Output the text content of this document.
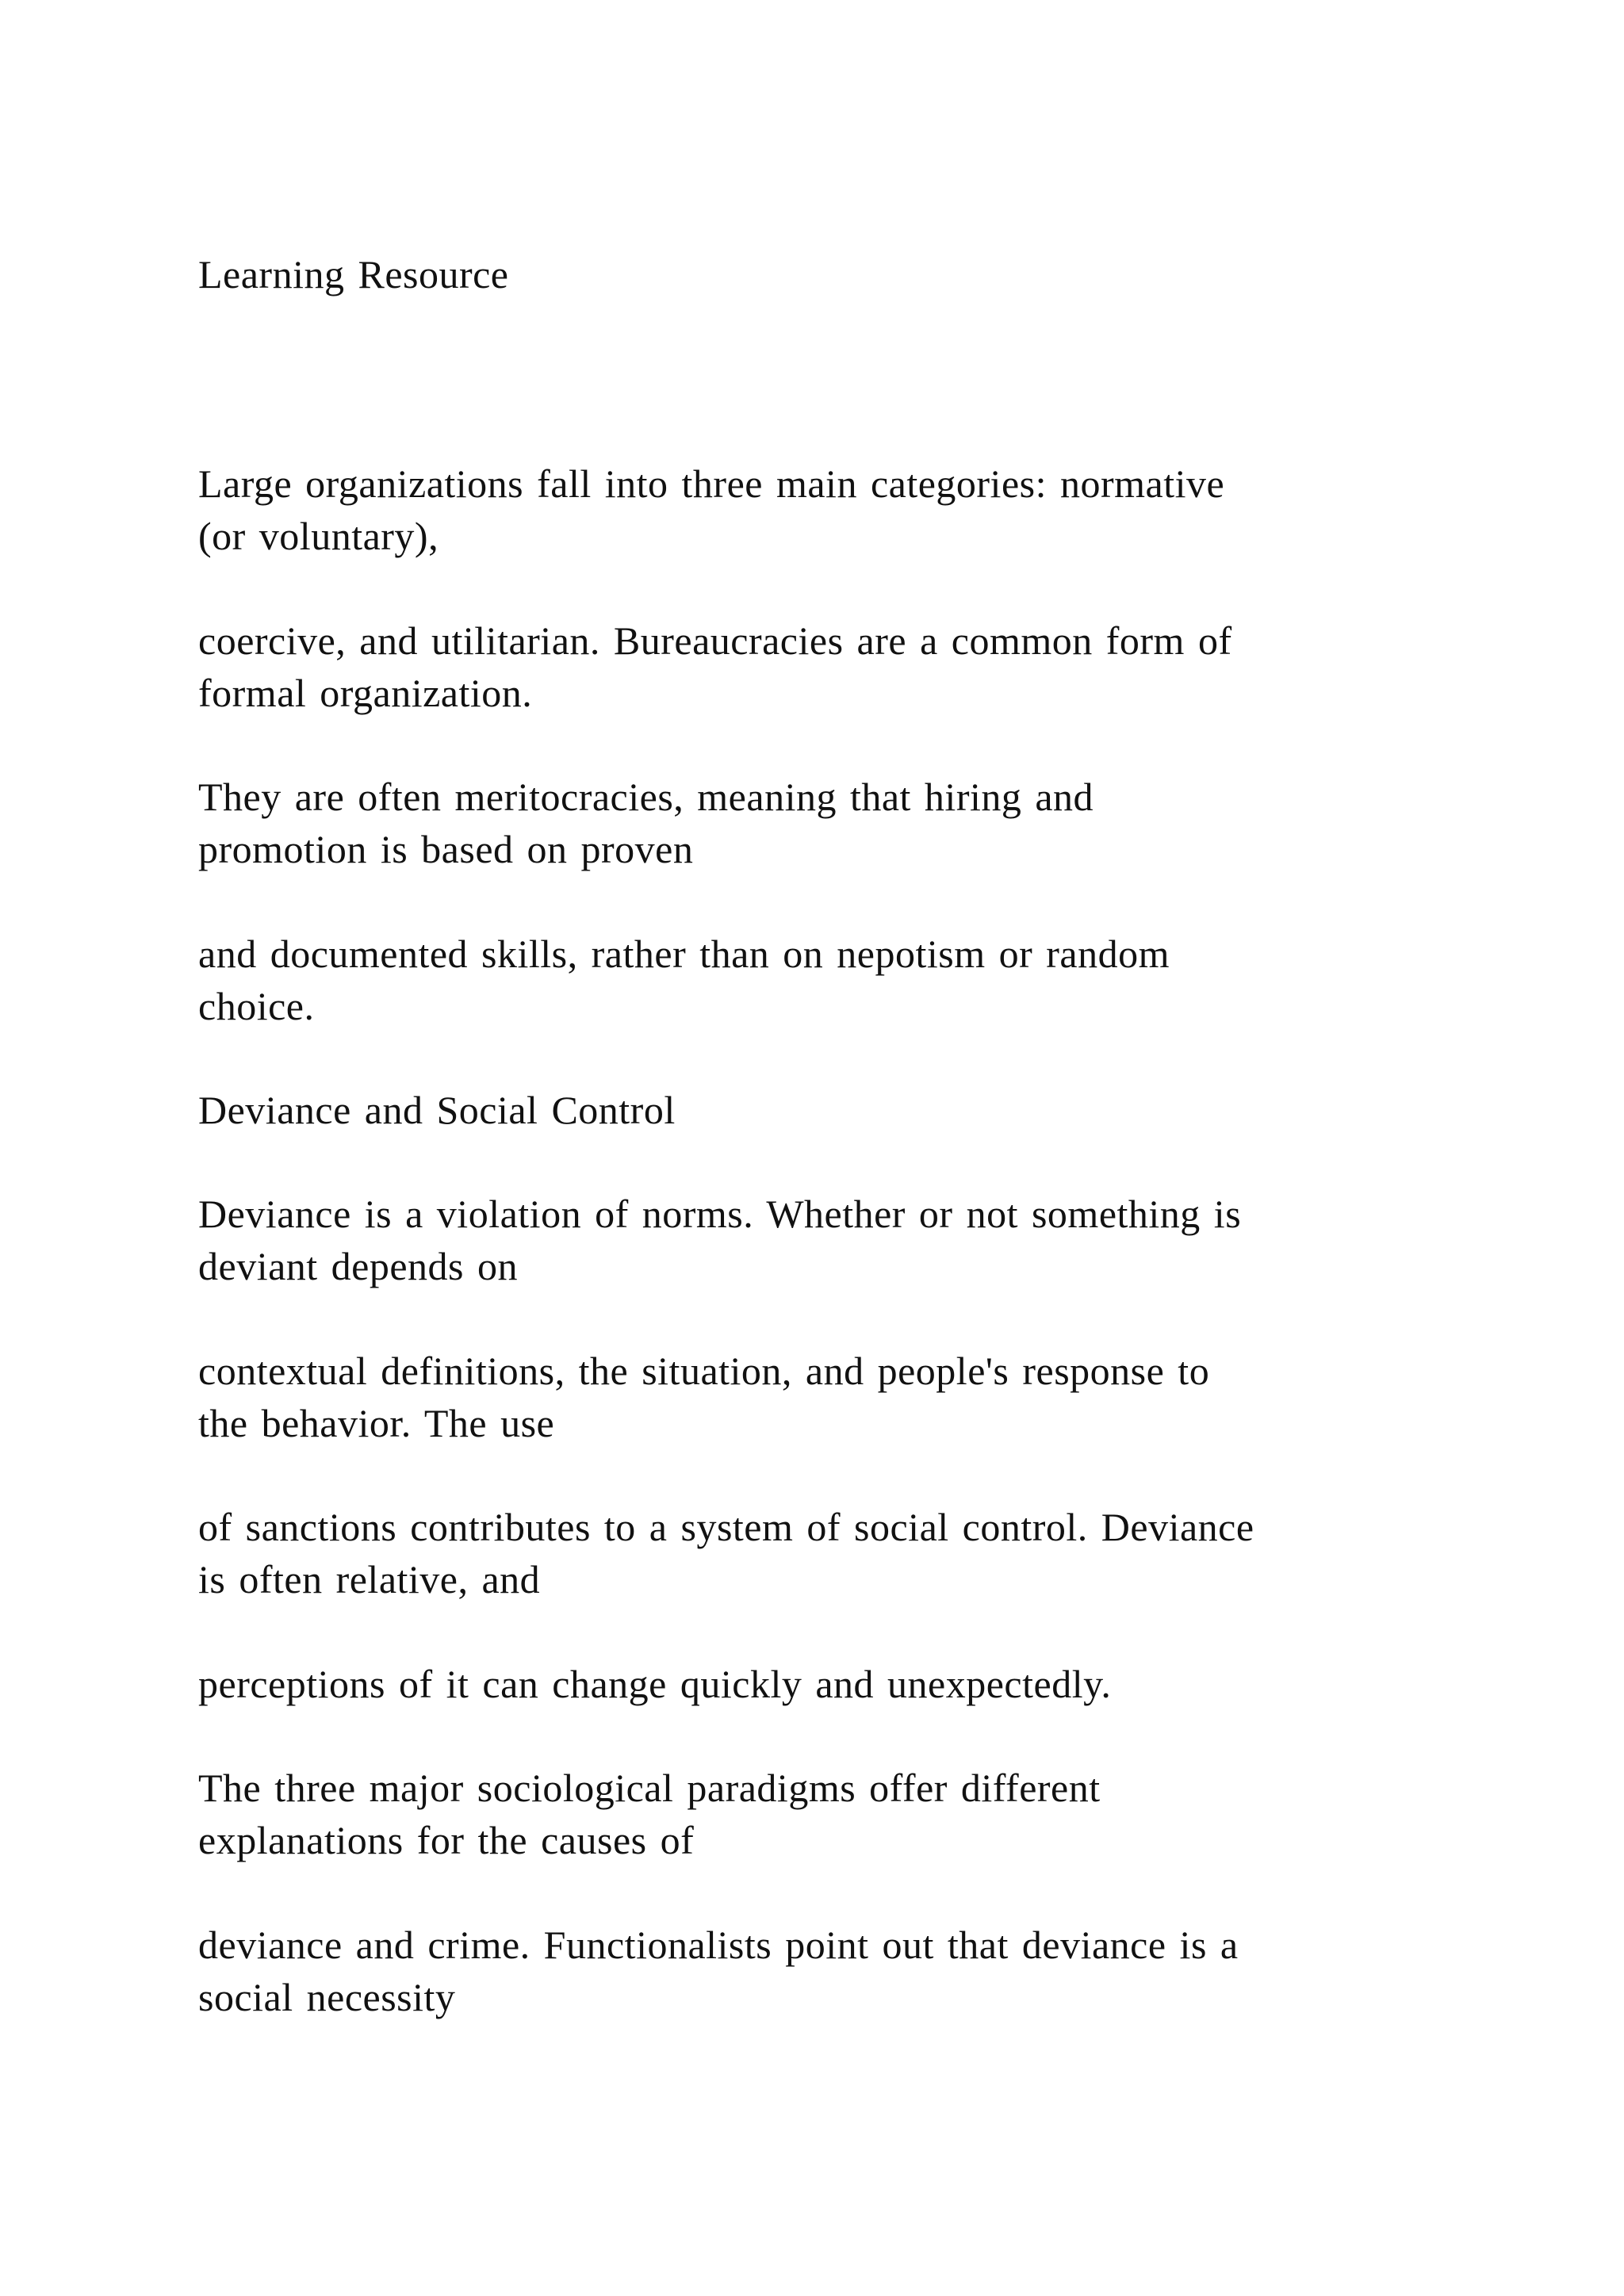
Learning Resource

Large organizations fall into three main categories: normative
(or voluntary),

coercive, and utilitarian. Bureaucracies are a common form of
formal organization.

They are often meritocracies, meaning that hiring and
promotion is based on proven

and documented skills, rather than on nepotism or random
choice.

Deviance and Social Control

Deviance is a violation of norms. Whether or not something is
deviant depends on

contextual definitions, the situation, and people's response to
the behavior. The use

of sanctions contributes to a system of social control. Deviance
is often relative, and

perceptions of it can change quickly and unexpectedly.

The three major sociological paradigms offer different
explanations for the causes of

deviance and crime. Functionalists point out that deviance is a
social necessity
